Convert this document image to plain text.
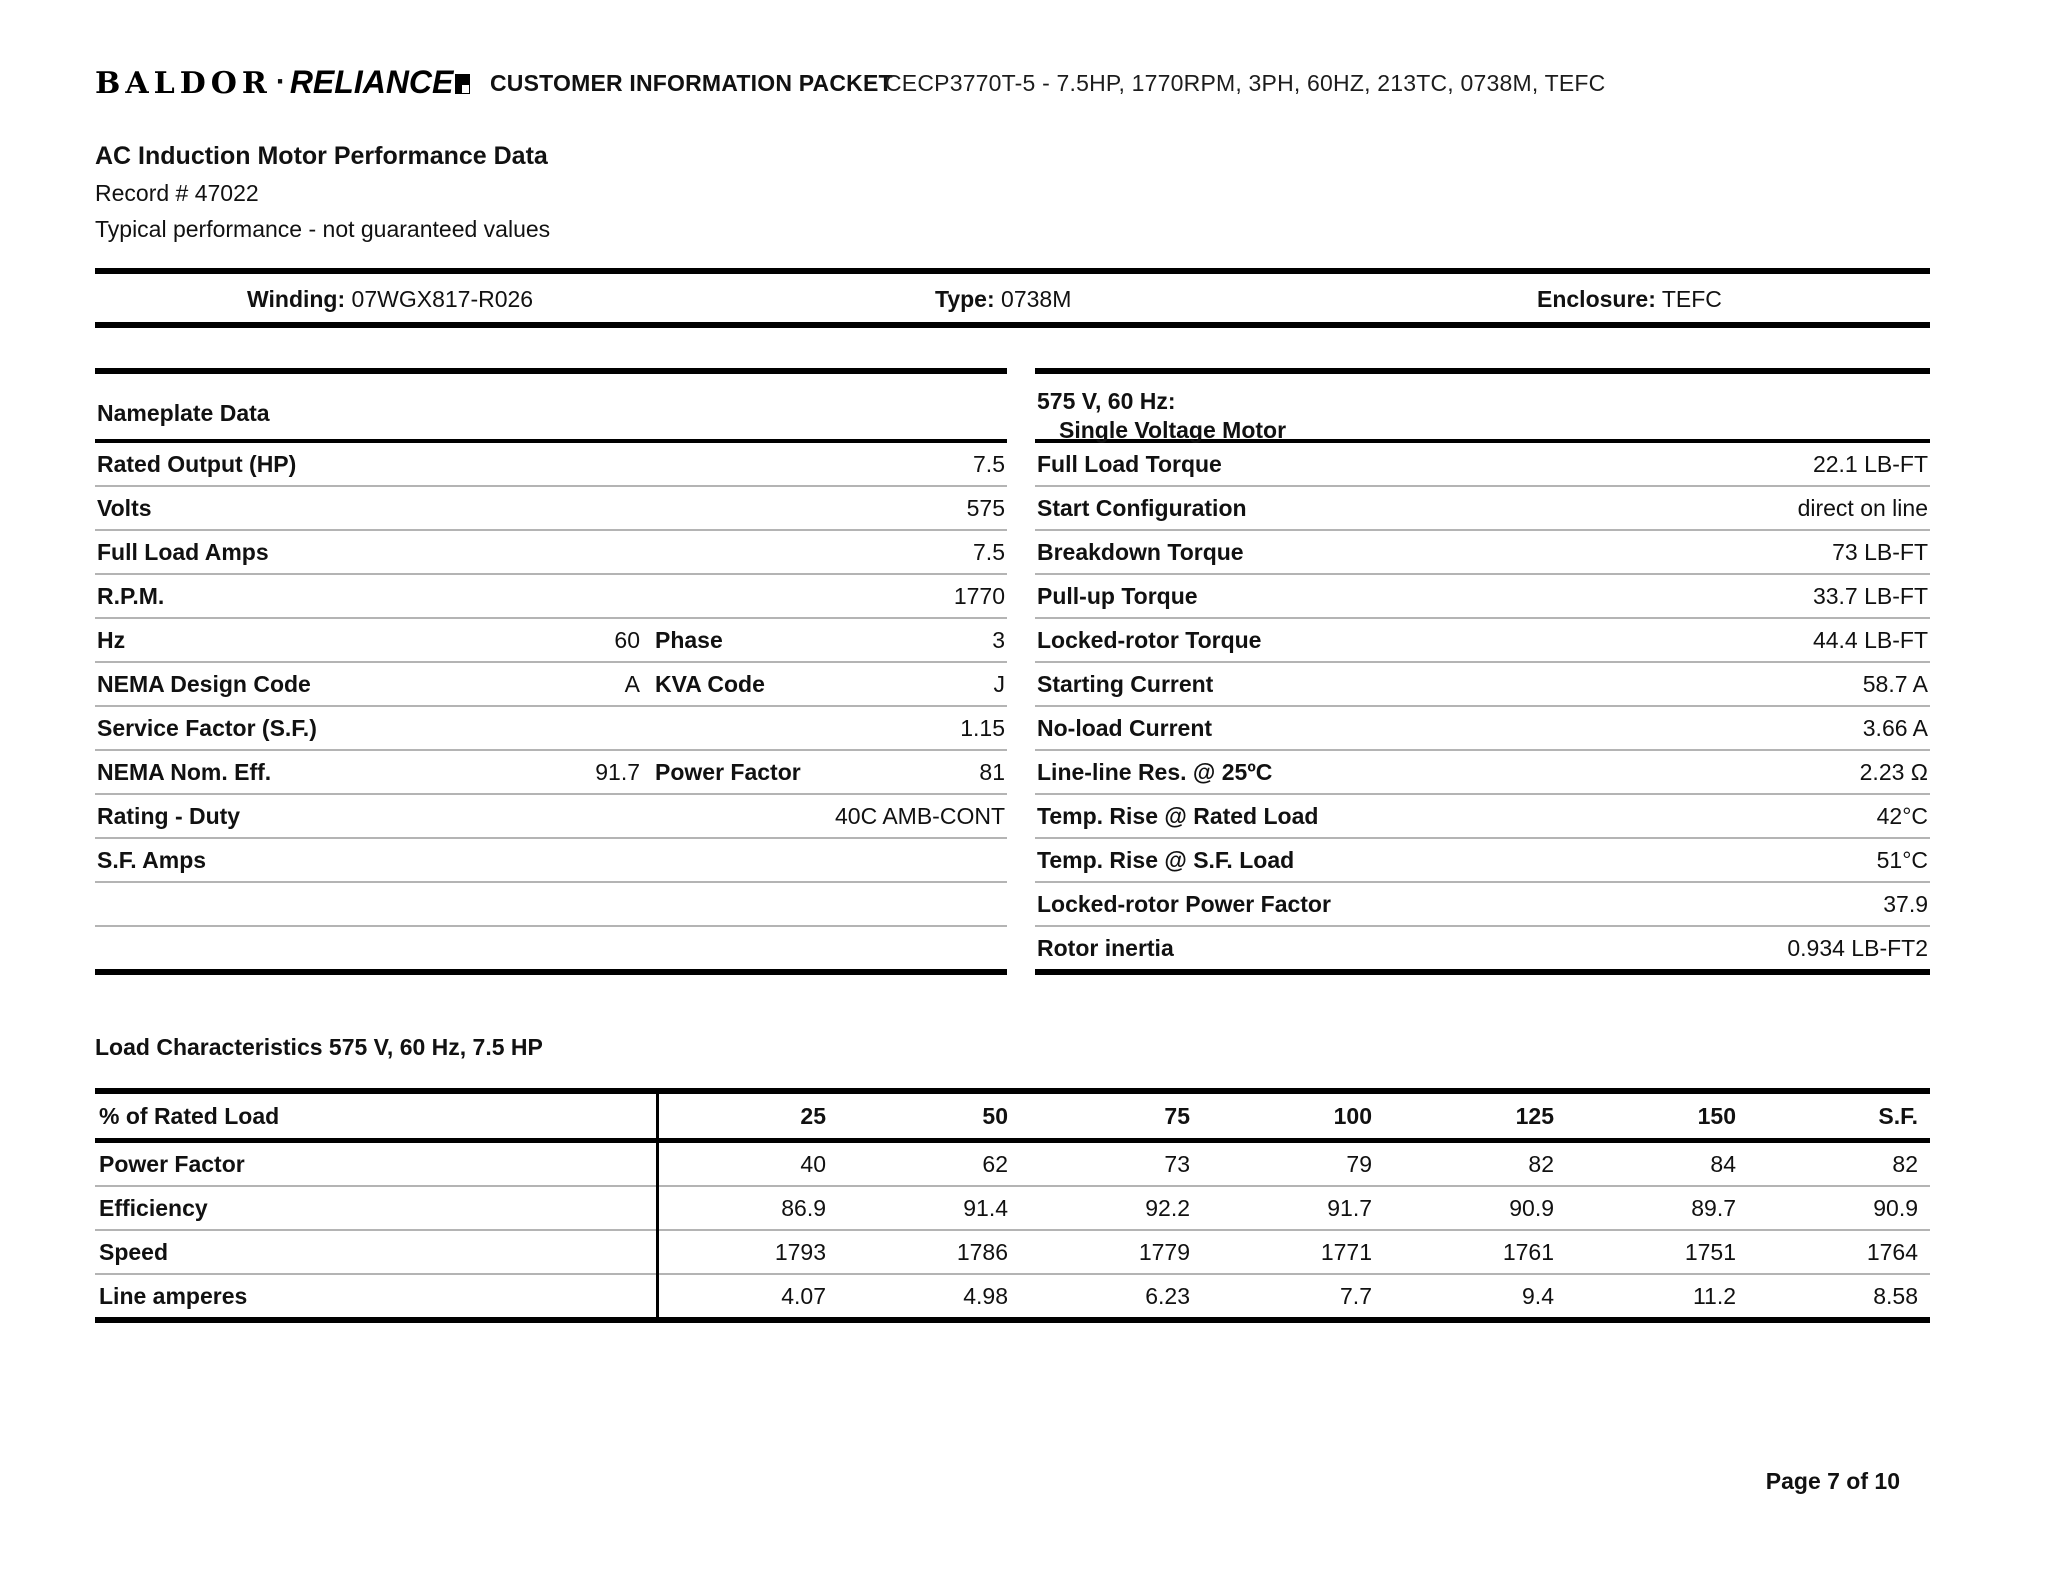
BALDOR · RELIANCE	CUSTOMER INFORMATION PACKET
CECP3770T-5 - 7.5HP, 1770RPM, 3PH, 60HZ, 213TC, 0738M, TEFC
AC Induction Motor Performance Data
Record # 47022
Typical performance - not guaranteed values
Winding: 07WGX817-R026	Type: 0738M	Enclosure: TEFC
Nameplate Data
Rated Output (HP)	7.5
Volts	575
Full Load Amps	7.5
R.P.M.	1770
Hz	60 Phase	3
NEMA Design Code	A KVA Code	J
Service Factor (S.F.)	1.15
NEMA Nom. Eff.	91.7 Power Factor	81
Rating - Duty	40C AMB-CONT
S.F. Amps
575 V, 60 Hz:
Single Voltage Motor
Full Load Torque	22.1 LB-FT
Start Configuration	direct on line
Breakdown Torque	73 LB-FT
Pull-up Torque	33.7 LB-FT
Locked-rotor Torque	44.4 LB-FT
Starting Current	58.7 A
No-load Current	3.66 A
Line-line Res. @ 25ºC	2.23 Ω
Temp. Rise @ Rated Load	42°C
Temp. Rise @ S.F. Load	51°C
Locked-rotor Power Factor	37.9
Rotor inertia	0.934 LB-FT2
Load Characteristics 575 V, 60 Hz, 7.5 HP
% of Rated Load	25	50	75	100	125	150	S.F.
Power Factor	40	62	73	79	82	84	82
Efficiency	86.9	91.4	92.2	91.7	90.9	89.7	90.9
Speed	1793	1786	1779	1771	1761	1751	1764
Line amperes	4.07	4.98	6.23	7.7	9.4	11.2	8.58
Page 7 of 10
